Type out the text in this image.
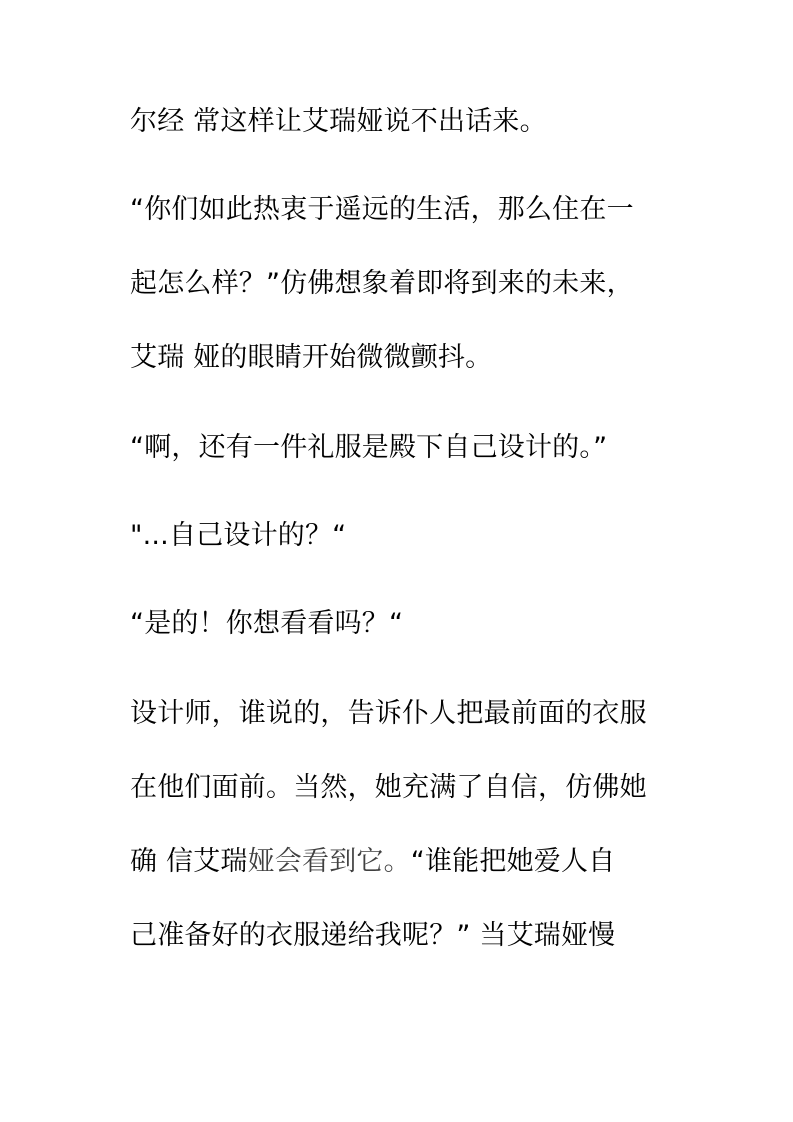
尔经 常这样让艾瑞娅说不出话来。
“你们如此热衷于遥远的生活，那么住在一
起怎么样？”仿佛想象着即将到来的未来，
艾瑞 娅的眼睛开始微微颤抖。
“啊，还有一件礼服是殿下自己设计的。”
"...自己设计的？“
“是的！你想看看吗？“
设计师，谁说的，告诉仆人把最前面的衣服
在他们面前。当然，她充满了自信，仿佛她
确 信艾瑞娅会看到它。“谁能把她爱人自
己准备好的衣服递给我呢？” 当艾瑞娅慢
